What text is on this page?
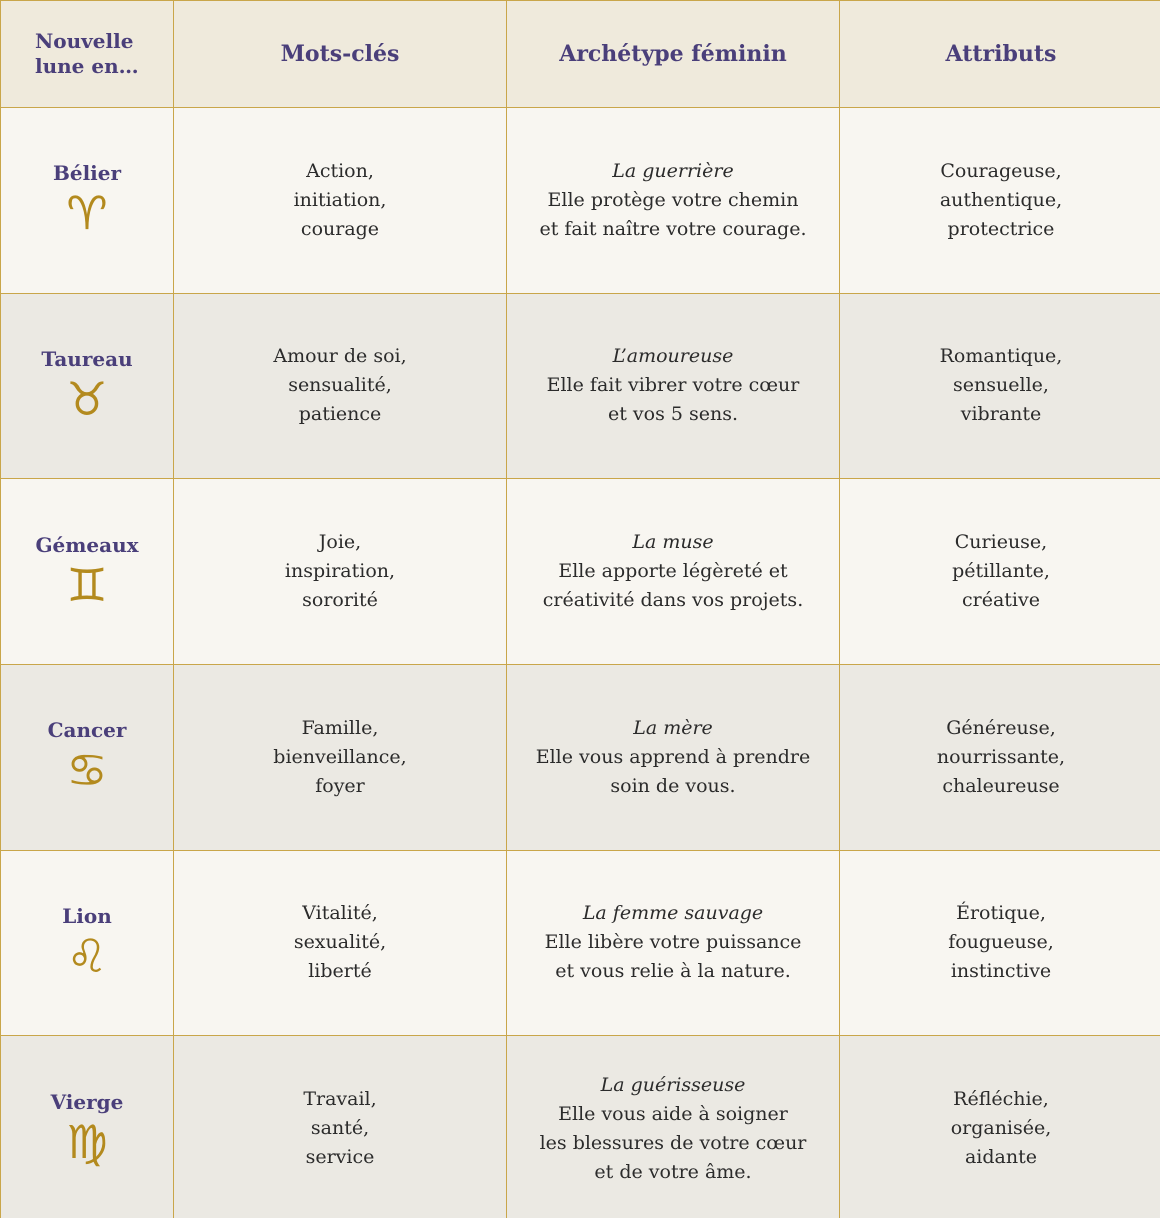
Nouvelle
lune en…	Mots-clés	Archétype féminin	Attributs

Bélier
♈︎	Action,
initiation,
courage	La guerrière
Elle protège votre chemin
et fait naître votre courage.	Courageuse,
authentique,
protectrice

Taureau
♉︎	Amour de soi,
sensualité,
patience	L’amoureuse
Elle fait vibrer votre cœur
et vos 5 sens.	Romantique,
sensuelle,
vibrante

Gémeaux
♊︎	Joie,
inspiration,
sororité	La muse
Elle apporte légèreté et
créativité dans vos projets.	Curieuse,
pétillante,
créative

Cancer
♋︎	Famille,
bienveillance,
foyer	La mère
Elle vous apprend à prendre
soin de vous.	Généreuse,
nourrissante,
chaleureuse

Lion
♌︎	Vitalité,
sexualité,
liberté	La femme sauvage
Elle libère votre puissance
et vous relie à la nature.	Érotique,
fougueuse,
instinctive

Vierge
♍︎	Travail,
santé,
service	La guérisseuse
Elle vous aide à soigner
les blessures de votre cœur
et de votre âme.	Réfléchie,
organisée,
aidante
